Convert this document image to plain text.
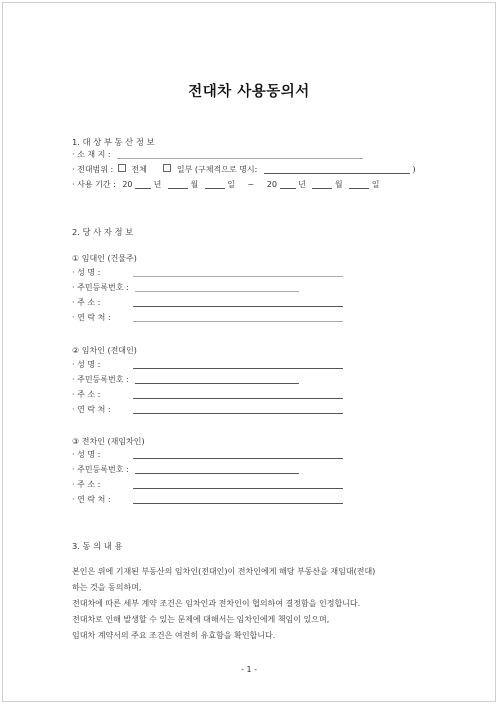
전대차 사용동의서
1. 대 상 부 동 산 정 보
· 소 재 지 :
· 전대범위 : 전체	일부 (구체적으로 명시:	)
· 사용 기간 : 20	년	월	일 ~ 20	년	월	일
2. 당 사 자 정 보
① 임대인 (건물주)
· 성 명 :
· 주민등록번호 :
· 주 소 :
· 연 락 처 :
② 임차인 (전대인)
· 성 명 :
· 주민등록번호 :
· 주 소 :
· 연 락 처 :
③ 전차인 (재임차인)
· 성 명 :
· 주민등록번호 :
· 주 소 :
· 연 락 처 :
3. 동 의 내 용
본인은 위에 기재된 부동산의 임차인(전대인)이 전차인에게 해당 부동산을 재임대(전대)
하는 것을 동의하며,
전대차에 따른 세부 계약 조건은 임차인과 전차인이 협의하여 결정함을 인정합니다.
전대차로 인해 발생할 수 있는 문제에 대해서는 임차인에게 책임이 있으며,
임대차 계약서의 주요 조건은 여전히 유효함을 확인합니다.
- 1 -
